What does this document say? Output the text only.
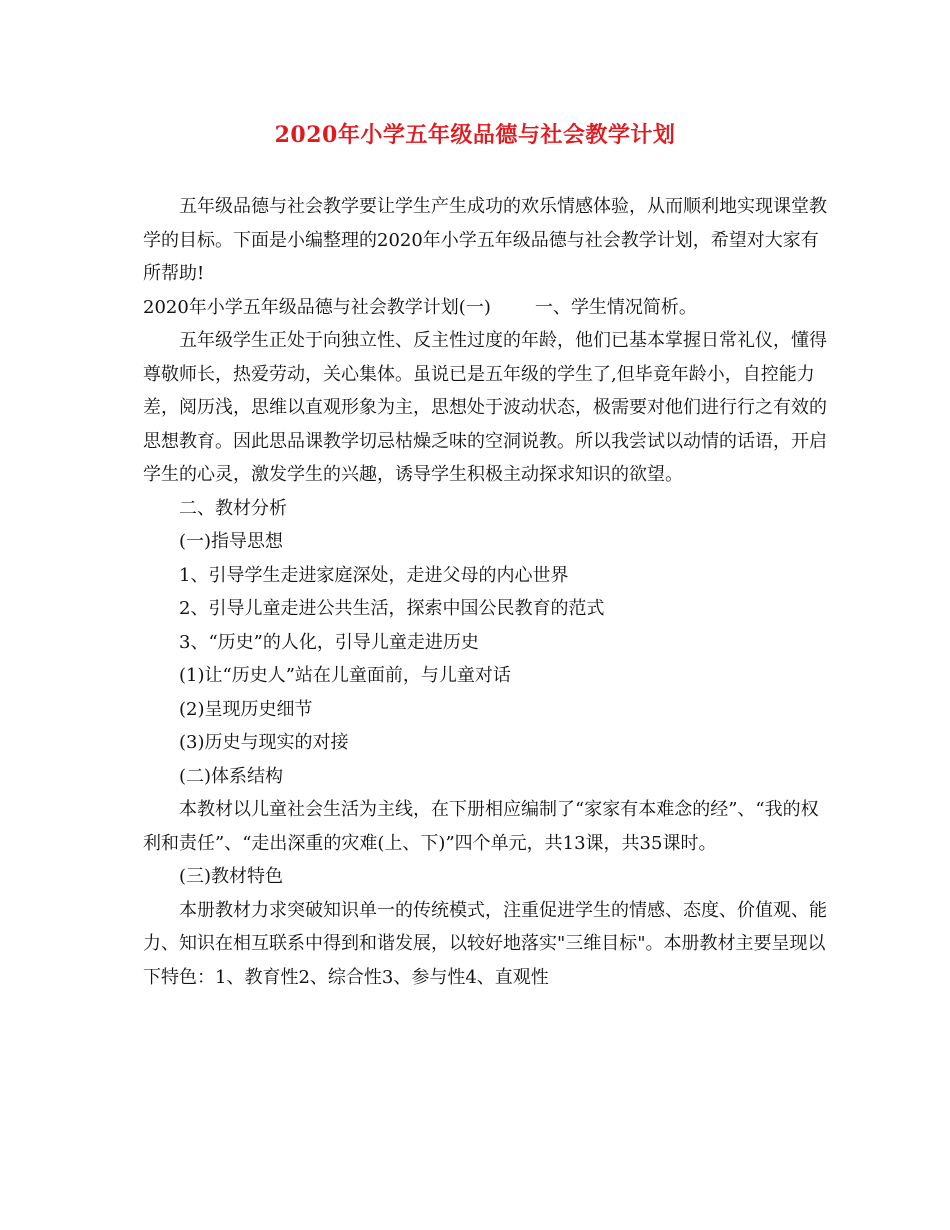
2020年小学五年级品德与社会教学计划

五年级品德与社会教学要让学生产生成功的欢乐情感体验，从而顺利地实现课堂教学的目标。下面是小编整理的2020年小学五年级品德与社会教学计划，希望对大家有所帮助!

2020年小学五年级品德与社会教学计划(一) 一、学生情况简析。

五年级学生正处于向独立性、反主性过度的年龄，他们已基本掌握日常礼仪，懂得尊敬师长，热爱劳动，关心集体。虽说已是五年级的学生了,但毕竟年龄小，自控能力差，阅历浅，思维以直观形象为主，思想处于波动状态，极需要对他们进行行之有效的思想教育。因此思品课教学切忌枯燥乏味的空洞说教。所以我尝试以动情的话语，开启学生的心灵，激发学生的兴趣，诱导学生积极主动探求知识的欲望。

二、教材分析

(一)指导思想

1、引导学生走进家庭深处，走进父母的内心世界

2、引导儿童走进公共生活，探索中国公民教育的范式

3、“历史”的人化，引导儿童走进历史

(1)让“历史人”站在儿童面前，与儿童对话

(2)呈现历史细节

(3)历史与现实的对接

(二)体系结构

本教材以儿童社会生活为主线，在下册相应编制了“家家有本难念的经”、“我的权利和责任”、“走出深重的灾难(上、下)”四个单元，共13课，共35课时。

(三)教材特色

本册教材力求突破知识单一的传统模式，注重促进学生的情感、态度、价值观、能力、知识在相互联系中得到和谐发展，以较好地落实"三维目标"。本册教材主要呈现以下特色：1、教育性2、综合性3、参与性4、直观性
